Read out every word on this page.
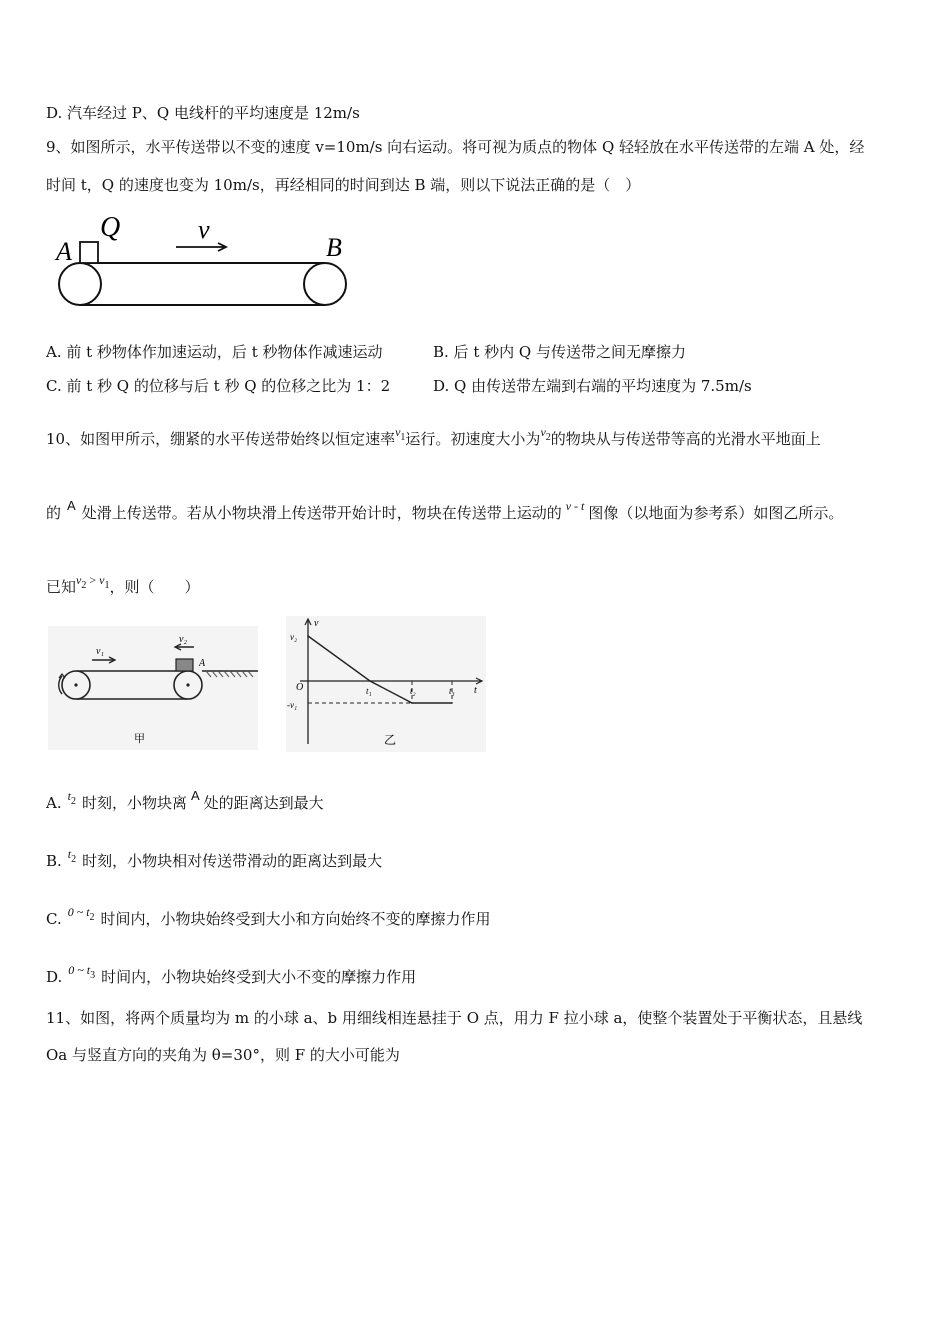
D. 汽车经过 P、Q 电线杆的平均速度是 12m/s
9、如图所示，水平传送带以不变的速度 v=10m/s 向右运动。将可视为质点的物体 Q 轻轻放在水平传送带的左端 A 处，经
时间 t，Q 的速度也变为 10m/s，再经相同的时间到达 B 端，则以下说法正确的是（　）
A
Q	v
B
A. 前 t 秒物体作加速运动，后 t 秒物体作减速运动	B. 后 t 秒内 Q 与传送带之间无摩擦力
C. 前 t 秒 Q 的位移与后 t 秒 Q 的位移之比为 1：2	D. Q 由传送带左端到右端的平均速度为 7.5m/s
10、如图甲所示，绷紧的水平传送带始终以恒定速率$^{v_1}$运行。初速度大小为$^{v_2}$的物块从与传送带等高的光滑水平地面上
的 A 处滑上传送带。若从小物块滑上传送带开始计时，物块在传送带上运动的 $^{v - t}$ 图像（以地面为参考系）如图乙所示。
已知$^{v_2 > v_1}$，则（　　）
v₁
v₂
A
甲
v
t
O
v₂
-v₁
t₁	t₂	t₃
乙
A. $^{t_2}$ 时刻，小物块离 A 处的距离达到最大
B. $^{t_2}$ 时刻，小物块相对传送带滑动的距离达到最大
C. $^{0 \sim t_2}$ 时间内，小物块始终受到大小和方向始终不变的摩擦力作用
D. $^{0 \sim t_3}$ 时间内，小物块始终受到大小不变的摩擦力作用
11、如图，将两个质量均为 m 的小球 a、b 用细线相连悬挂于 O 点，用力 F 拉小球 a，使整个装置处于平衡状态，且悬线
Oa 与竖直方向的夹角为 θ=30°，则 F 的大小可能为
